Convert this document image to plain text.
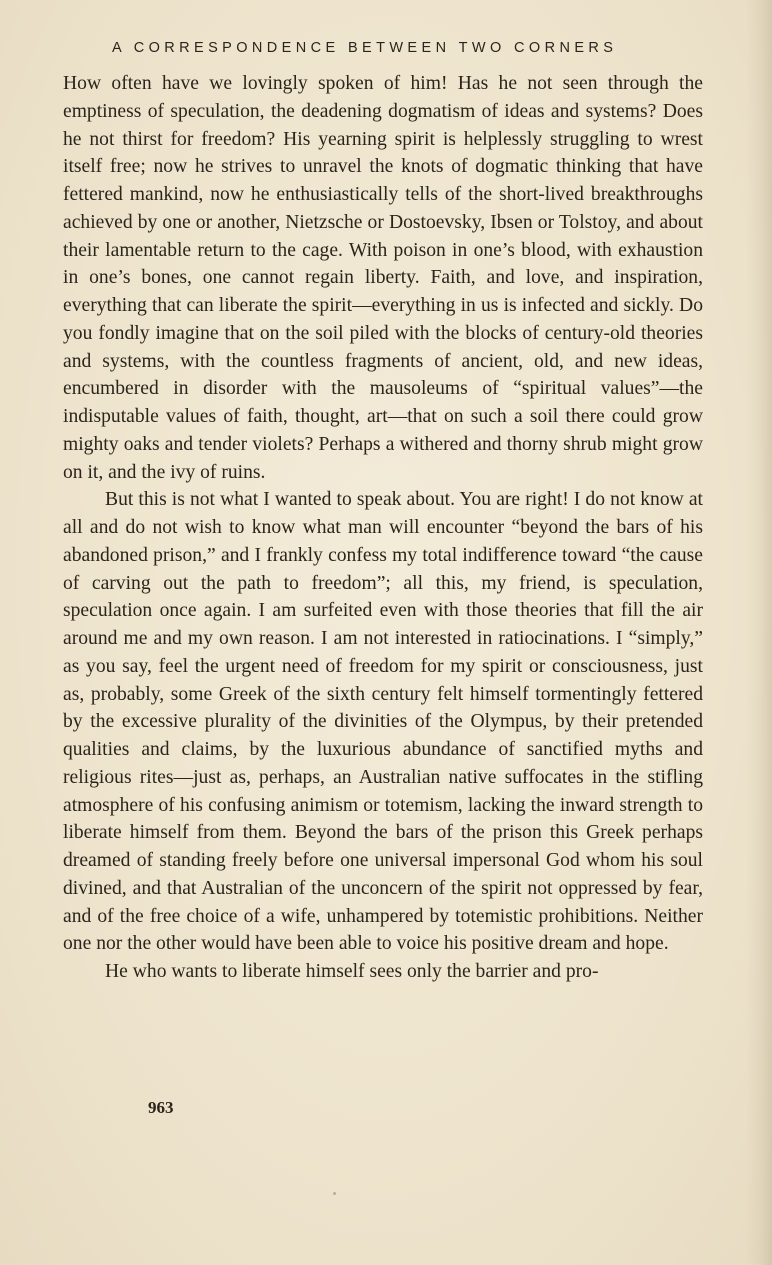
A CORRESPONDENCE BETWEEN TWO CORNERS

How often have we lovingly spoken of him! Has he not seen through the emptiness of speculation, the deadening dogmatism of ideas and systems? Does he not thirst for freedom? His yearning spirit is helplessly struggling to wrest itself free; now he strives to unravel the knots of dogmatic thinking that have fettered mankind, now he enthusiastically tells of the short-lived breakthroughs achieved by one or another, Nietzsche or Dostoevsky, Ibsen or Tolstoy, and about their lamentable return to the cage. With poison in one’s blood, with exhaustion in one’s bones, one cannot regain liberty. Faith, and love, and inspiration, everything that can liberate the spirit—everything in us is infected and sickly. Do you fondly imagine that on the soil piled with the blocks of century-old theories and systems, with the countless fragments of ancient, old, and new ideas, encumbered in disorder with the mausoleums of “spiritual values”—the indisputable values of faith, thought, art—that on such a soil there could grow mighty oaks and tender violets? Perhaps a withered and thorny shrub might grow on it, and the ivy of ruins.

But this is not what I wanted to speak about. You are right! I do not know at all and do not wish to know what man will encounter “beyond the bars of his abandoned prison,” and I frankly confess my total indifference toward “the cause of carving out the path to freedom”; all this, my friend, is speculation, speculation once again. I am surfeited even with those theories that fill the air around me and my own reason. I am not interested in ratiocinations. I “simply,” as you say, feel the urgent need of freedom for my spirit or consciousness, just as, probably, some Greek of the sixth century felt himself tormentingly fettered by the excessive plurality of the divinities of the Olympus, by their pretended qualities and claims, by the luxurious abundance of sanctified myths and religious rites—just as, perhaps, an Australian native suffocates in the stifling atmosphere of his confusing animism or totemism, lacking the inward strength to liberate himself from them. Beyond the bars of the prison this Greek perhaps dreamed of standing freely before one universal impersonal God whom his soul divined, and that Australian of the unconcern of the spirit not oppressed by fear, and of the free choice of a wife, unhampered by totemistic prohibitions. Neither one nor the other would have been able to voice his positive dream and hope.

He who wants to liberate himself sees only the barrier and pro-

963
